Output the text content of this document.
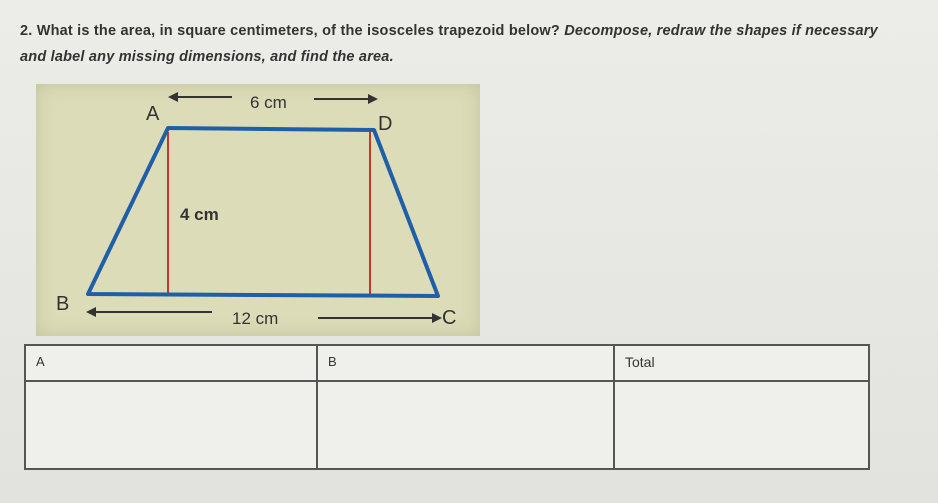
2. What is the area, in square centimeters, of the isosceles trapezoid below? Decompose, redraw the shapes if necessary and label any missing dimensions, and find the area.
6 cm
A	D
B
C
4 cm
12 cm
A	B	Total
